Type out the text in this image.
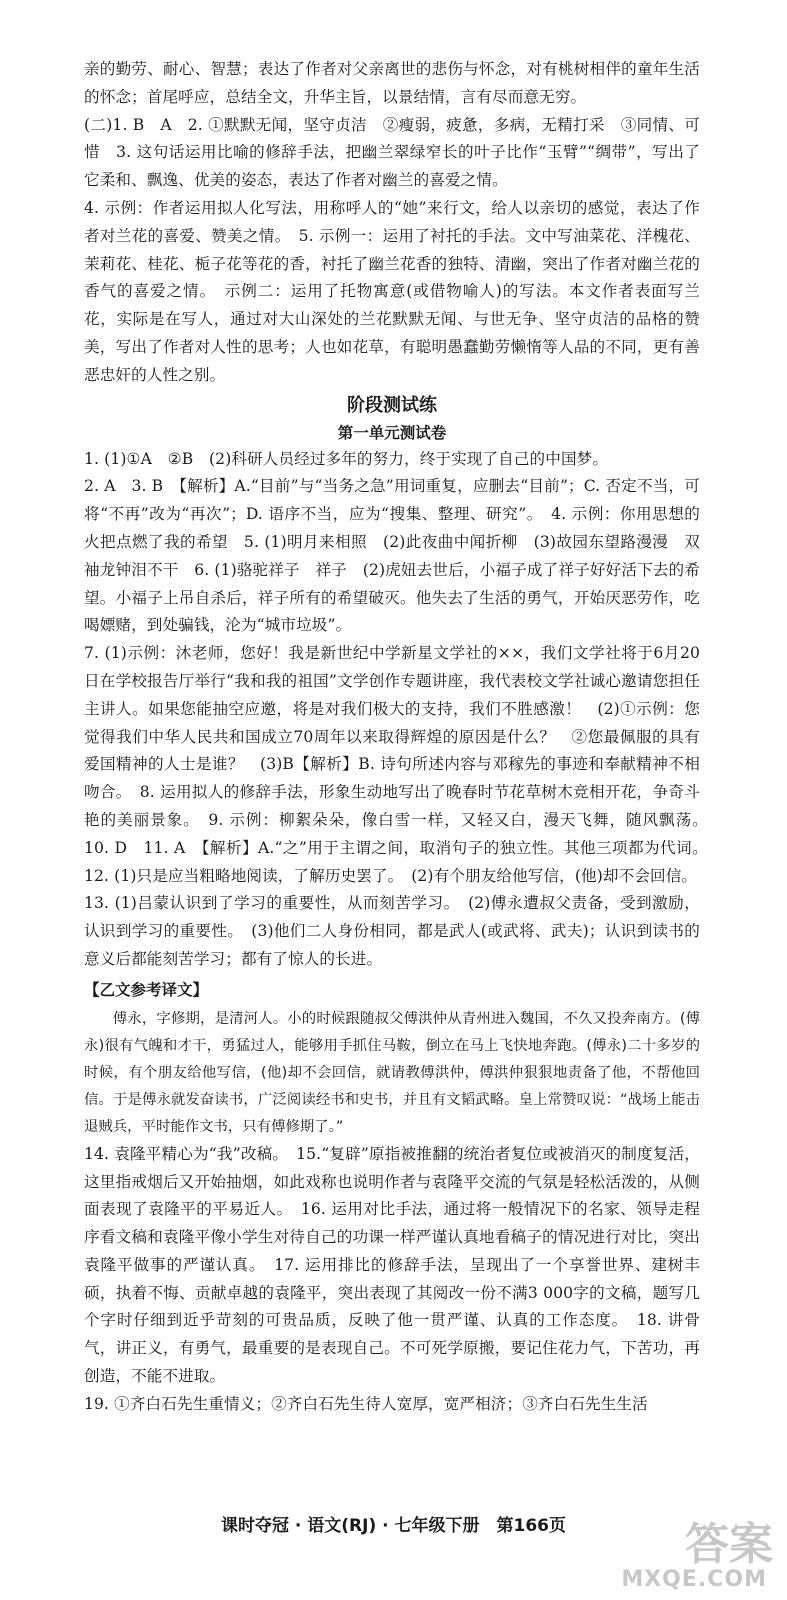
亲的勤劳、耐心、智慧；表达了作者对父亲离世的悲伤与怀念，对有桃树相伴的童年生活的怀念；首尾呼应，总结全文，升华主旨，以景结情，言有尽而意无穷。

(二)1. B　A　2. ①默默无闻，坚守贞洁　②瘦弱，疲惫，多病，无精打采　③同情、可惜　3. 这句话运用比喻的修辞手法，把幽兰翠绿窄长的叶子比作“玉臂”“绸带”，写出了它柔和、飘逸、优美的姿态，表达了作者对幽兰的喜爱之情。

4. 示例：作者运用拟人化写法，用称呼人的“她”来行文，给人以亲切的感觉，表达了作者对兰花的喜爱、赞美之情。　5. 示例一：运用了衬托的手法。文中写油菜花、洋槐花、茉莉花、桂花、栀子花等花的香，衬托了幽兰花香的独特、清幽，突出了作者对幽兰花的香气的喜爱之情。　示例二：运用了托物寓意(或借物喻人)的写法。本文作者表面写兰花，实际是在写人，通过对大山深处的兰花默默无闻、与世无争、坚守贞洁的品格的赞美，写出了作者对人性的思考；人也如花草，有聪明愚蠢勤劳懒惰等人品的不同，更有善恶忠奸的人性之别。

阶段测试练
第一单元测试卷

1. (1)①A　②B　(2)科研人员经过多年的努力，终于实现了自己的中国梦。

2. A　3. B　【解析】A.“目前”与“当务之急”用词重复，应删去“目前”；C. 否定不当，可将“不再”改为“再次”；D. 语序不当，应为“搜集、整理、研究”。　4. 示例：你用思想的火把点燃了我的希望　5. (1)明月来相照　(2)此夜曲中闻折柳　(3)故园东望路漫漫　双袖龙钟泪不干　6. (1)骆驼祥子　祥子　(2)虎妞去世后，小福子成了祥子好好活下去的希望。小福子上吊自杀后，祥子所有的希望破灭。他失去了生活的勇气，开始厌恶劳作，吃喝嫖赌，到处骗钱，沦为“城市垃圾”。

7. (1)示例：沐老师，您好！我是新世纪中学新星文学社的××，我们文学社将于6月20日在学校报告厅举行“我和我的祖国”文学创作专题讲座，我代表校文学社诚心邀请您担任主讲人。如果您能抽空应邀，将是对我们极大的支持，我们不胜感激！　(2)①示例：您觉得我们中华人民共和国成立70周年以来取得辉煌的原因是什么？　②您最佩服的具有爱国精神的人士是谁？　(3)B【解析】B. 诗句所述内容与邓稼先的事迹和奉献精神不相吻合。　8. 运用拟人的修辞手法，形象生动地写出了晚春时节花草树木竞相开花，争奇斗艳的美丽景象。　9. 示例：柳絮朵朵，像白雪一样，又轻又白，漫天飞舞，随风飘荡。　10. D　11. A　【解析】A.“之”用于主谓之间，取消句子的独立性。其他三项都为代词。　12. (1)只是应当粗略地阅读，了解历史罢了。　(2)有个朋友给他写信，(他)却不会回信。

13. (1)吕蒙认识到了学习的重要性，从而刻苦学习。　(2)傅永遭叔父责备，受到激励，认识到学习的重要性。　(3)他们二人身份相同，都是武人(或武将、武夫)；认识到读书的意义后都能刻苦学习；都有了惊人的长进。

【乙文参考译文】

傅永，字修期，是清河人。小的时候跟随叔父傅洪仲从青州进入魏国，不久又投奔南方。(傅永)很有气魄和才干，勇猛过人，能够用手抓住马鞍，倒立在马上飞快地奔跑。(傅永)二十多岁的时候，有个朋友给他写信，(他)却不会回信，就请教傅洪仲，傅洪仲狠狠地责备了他，不帮他回信。于是傅永就发奋读书，广泛阅读经书和史书，并且有文韬武略。皇上常赞叹说：“战场上能击退贼兵，平时能作文书，只有傅修期了。”

14. 袁隆平精心为“我”改稿。　15.“复辟”原指被推翻的统治者复位或被消灭的制度复活，这里指戒烟后又开始抽烟，如此戏称也说明作者与袁隆平交流的气氛是轻松活泼的，从侧面表现了袁隆平的平易近人。　16. 运用对比手法，通过将一般情况下的名家、领导走程序看文稿和袁隆平像小学生对待自己的功课一样严谨认真地看稿子的情况进行对比，突出袁隆平做事的严谨认真。　17. 运用排比的修辞手法，呈现出了一个享誉世界、建树丰硕，执着不悔、贡献卓越的袁隆平，突出表现了其阅改一份不满3 000字的文稿，题写几个字时仔细到近乎苛刻的可贵品质，反映了他一贯严谨、认真的工作态度。　18. 讲骨气，讲正义，有勇气，最重要的是表现自己。不可死学原搬，要记住花力气，下苦功，再创造，不能不进取。

19. ①齐白石先生重情义；②齐白石先生待人宽厚，宽严相济；③齐白石先生生活

课时夺冠 · 语文(RJ) · 七年级下册　第166页	答案
MXQE.COM
